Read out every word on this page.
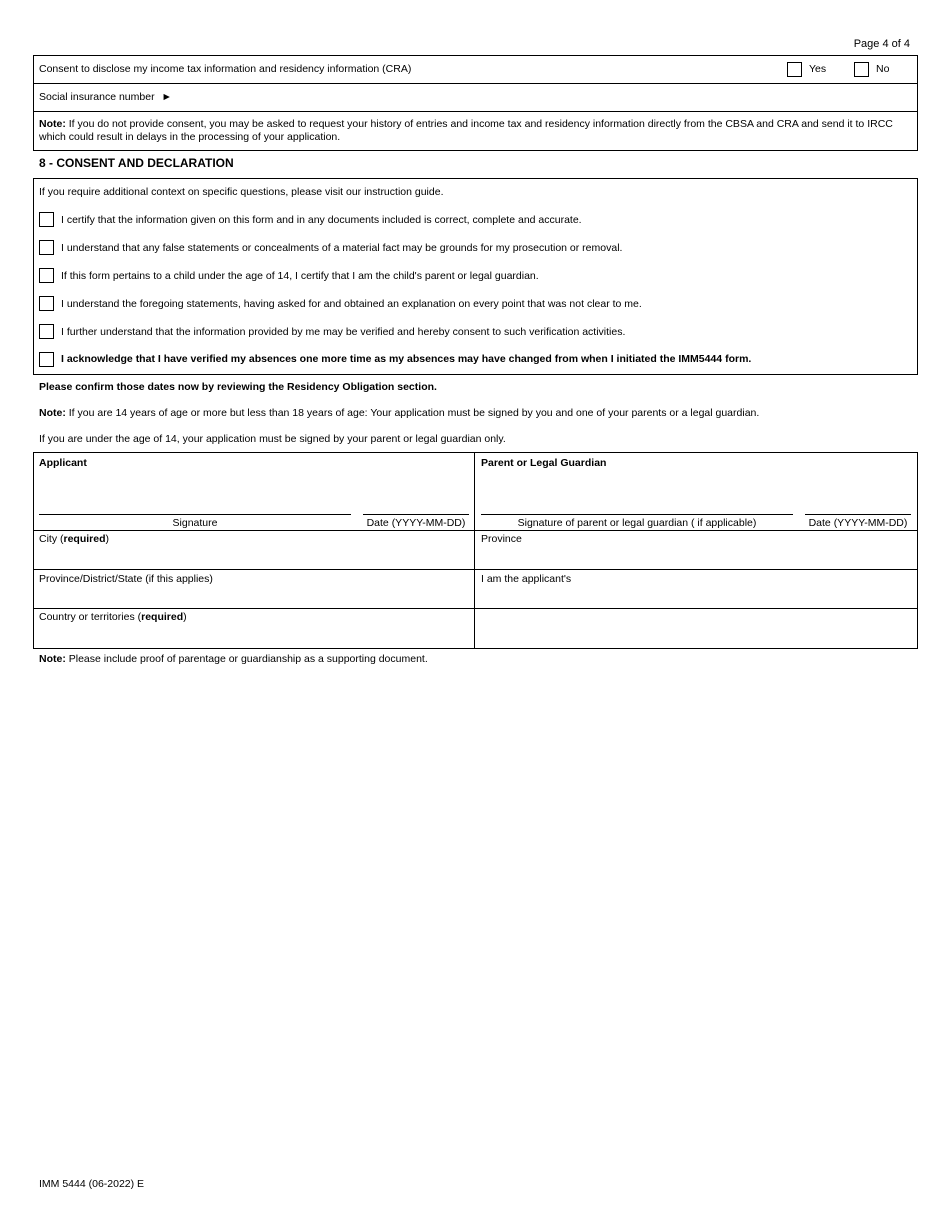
Page 4 of 4
Consent to disclose my income tax information and residency information (CRA)	Yes	No
Social insurance number ►
Note: If you do not provide consent, you may be asked to request your history of entries and income tax and residency information directly from the CBSA and CRA and send it to IRCC which could result in delays in the processing of your application.
8 - CONSENT AND DECLARATION
If you require additional context on specific questions, please visit our instruction guide.
I certify that the information given on this form and in any documents included is correct, complete and accurate.
I understand that any false statements or concealments of a material fact may be grounds for my prosecution or removal.
If this form pertains to a child under the age of 14, I certify that I am the child's parent or legal guardian.
I understand the foregoing statements, having asked for and obtained an explanation on every point that was not clear to me.
I further understand that the information provided by me may be verified and hereby consent to such verification activities.
I acknowledge that I have verified my absences one more time as my absences may have changed from when I initiated the IMM5444 form.
Please confirm those dates now by reviewing the Residency Obligation section.
Note: If you are 14 years of age or more but less than 18 years of age: Your application must be signed by you and one of your parents or a legal guardian.
If you are under the age of 14, your application must be signed by your parent or legal guardian only.
Applicant	Parent or Legal Guardian
Signature	Date (YYYY-MM-DD)	Signature of parent or legal guardian ( if applicable)	Date (YYYY-MM-DD)
City (required)	Province
Province/District/State (if this applies)	I am the applicant's
Country or territories (required)
Note: Please include proof of parentage or guardianship as a supporting document.
IMM 5444 (06-2022) E
